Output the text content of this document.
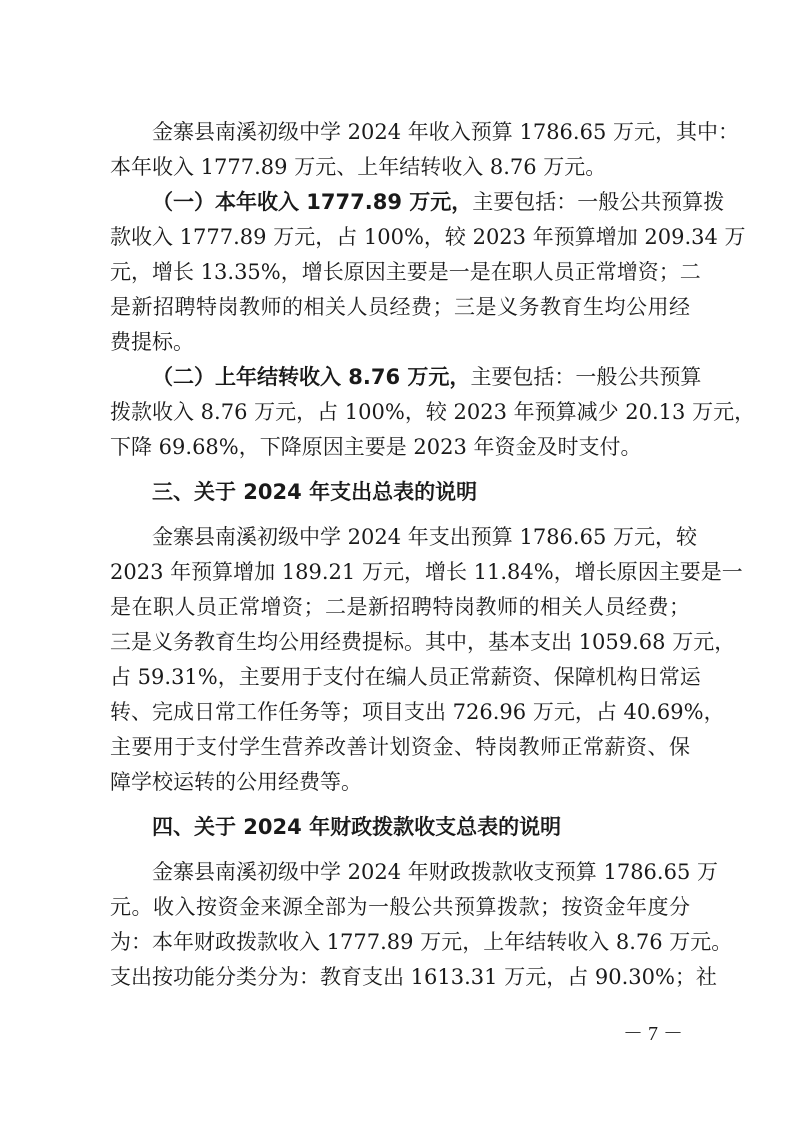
金寨县南溪初级中学 2024 年收入预算 1786.65 万元，其中：
本年收入 1777.89 万元、上年结转收入 8.76 万元。
（一）本年收入 1777.89 万元，主要包括：一般公共预算拨
款收入 1777.89 万元，占 100%，较 2023 年预算增加 209.34 万
元，增长 13.35%，增长原因主要是一是在职人员正常增资；二
是新招聘特岗教师的相关人员经费；三是义务教育生均公用经
费提标。
（二）上年结转收入 8.76 万元，主要包括：一般公共预算
拨款收入 8.76 万元，占 100%，较 2023 年预算减少 20.13 万元，
下降 69.68%，下降原因主要是 2023 年资金及时支付。
三、关于 2024 年支出总表的说明
金寨县南溪初级中学 2024 年支出预算 1786.65 万元，较
2023 年预算增加 189.21 万元，增长 11.84%，增长原因主要是一
是在职人员正常增资；二是新招聘特岗教师的相关人员经费；
三是义务教育生均公用经费提标。其中，基本支出 1059.68 万元，
占 59.31%，主要用于支付在编人员正常薪资、保障机构日常运
转、完成日常工作任务等；项目支出 726.96 万元，占 40.69%，
主要用于支付学生营养改善计划资金、特岗教师正常薪资、保
障学校运转的公用经费等。
四、关于 2024 年财政拨款收支总表的说明
金寨县南溪初级中学 2024 年财政拨款收支预算 1786.65 万
元。收入按资金来源全部为一般公共预算拨款；按资金年度分
为：本年财政拨款收入 1777.89 万元，上年结转收入 8.76 万元。
支出按功能分类分为：教育支出 1613.31 万元，占 90.30%；社
－ 7 －
